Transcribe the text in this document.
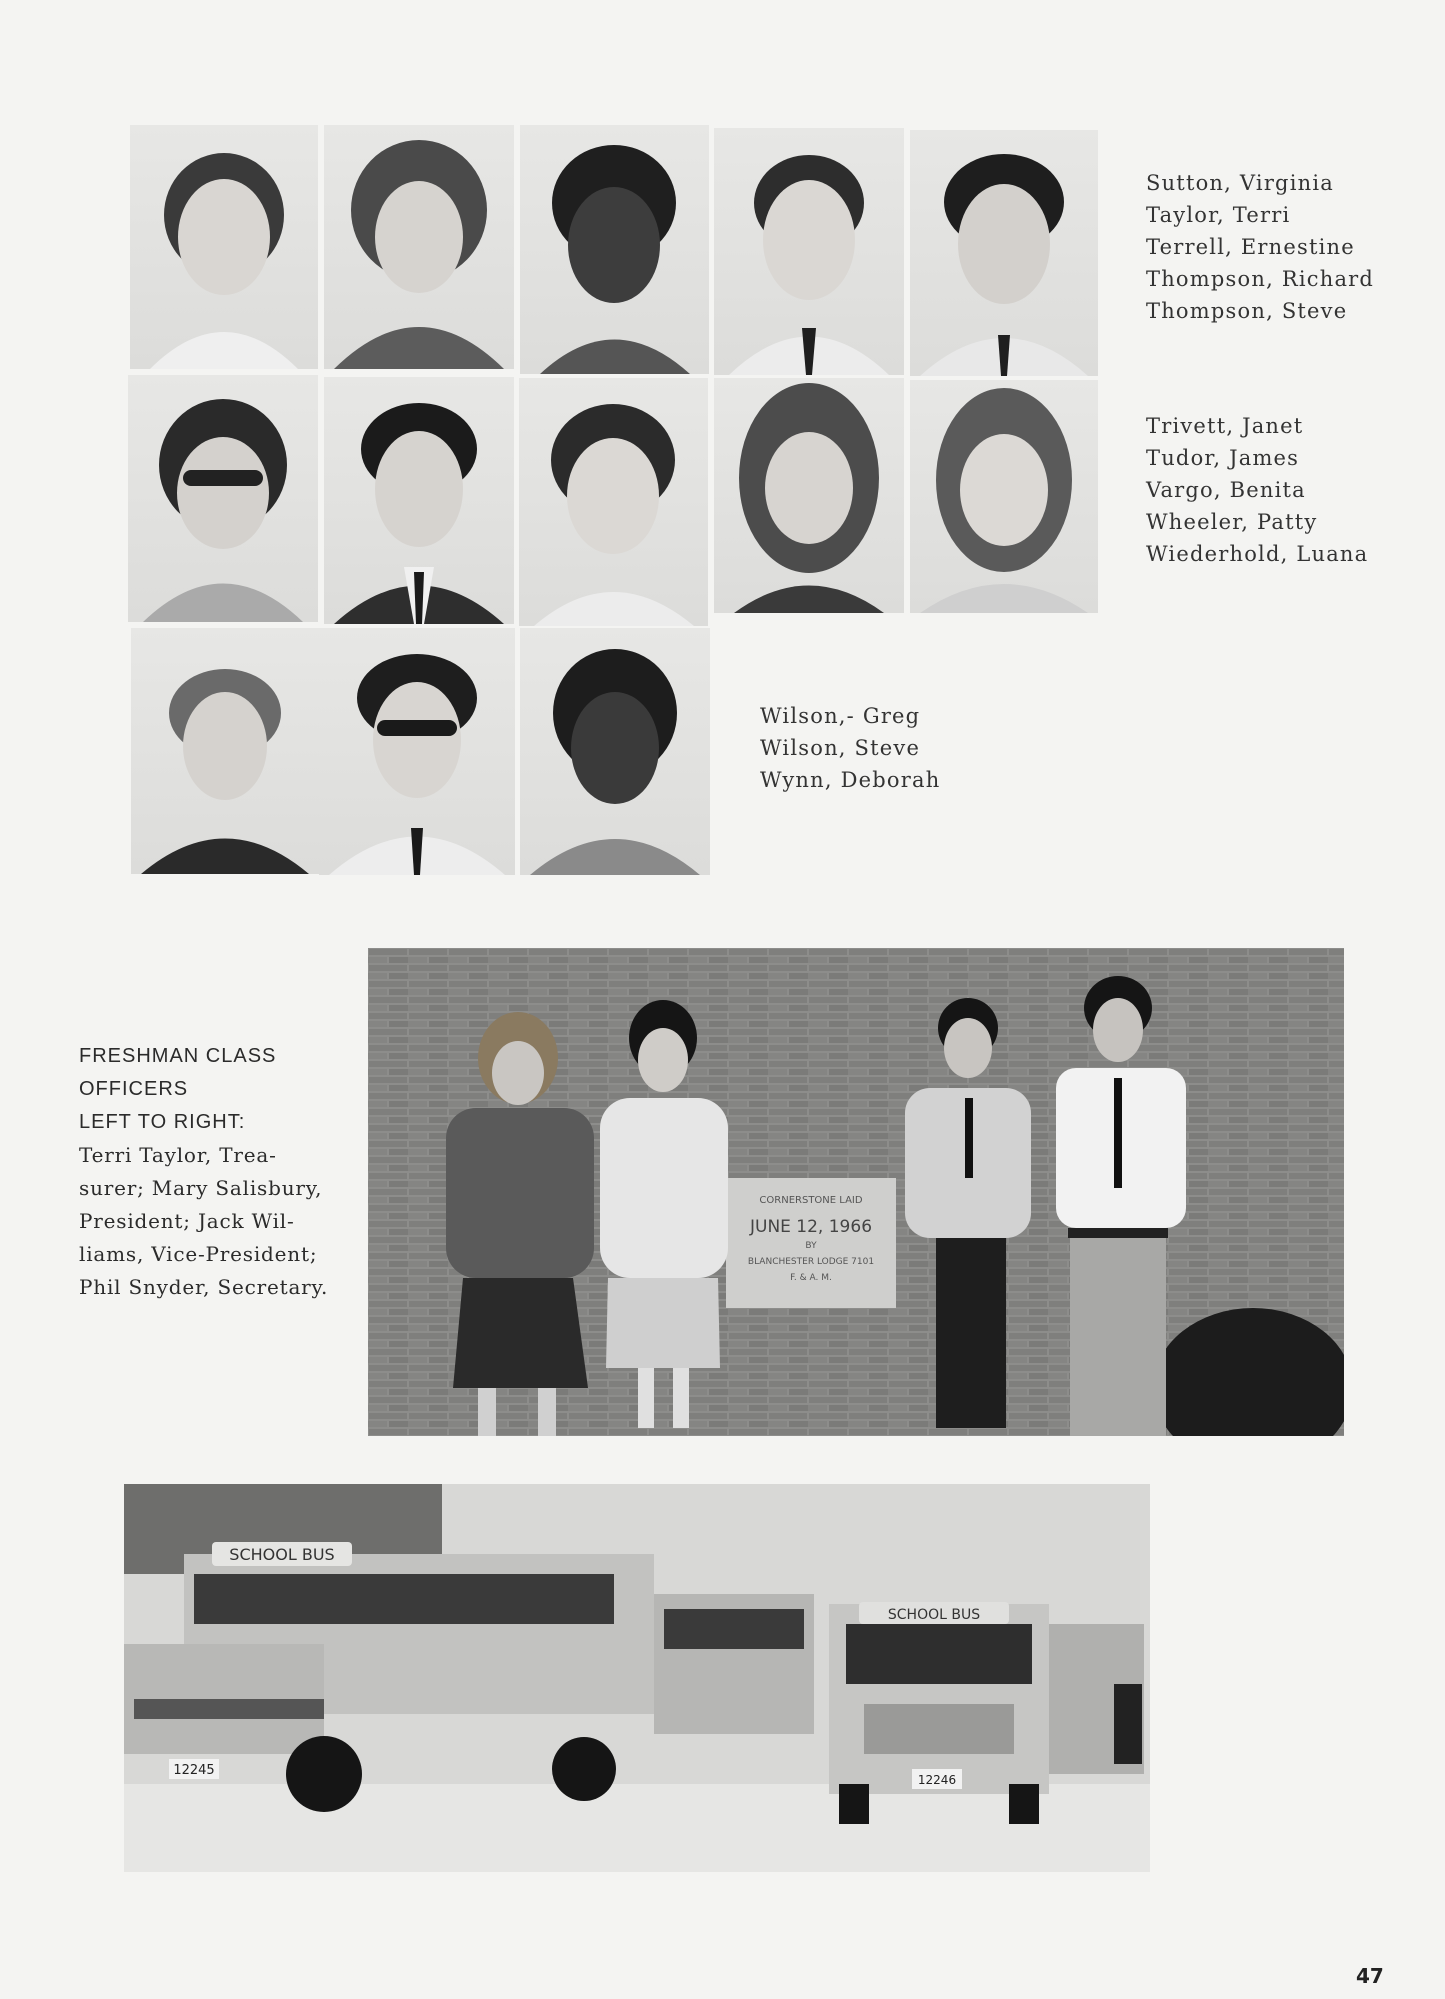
Sutton, Virginia
Taylor, Terri
Terrell, Ernestine
Thompson, Richard
Thompson, Steve
Trivett, Janet
Tudor, James
Vargo, Benita
Wheeler, Patty
Wiederhold, Luana
Wilson,- Greg
Wilson, Steve
Wynn, Deborah
FRESHMAN CLASS
OFFICERS
LEFT TO RIGHT:
Terri Taylor, Trea-
surer; Mary Salisbury,
President; Jack Wil-
liams, Vice-President;
Phil Snyder, Secretary.
CORNERSTONE LAID
JUNE 12, 1966
BY
BLANCHESTER LODGE 7101
F. & A. M.
SCHOOL BUS
12245
SCHOOL BUS
12246
47
